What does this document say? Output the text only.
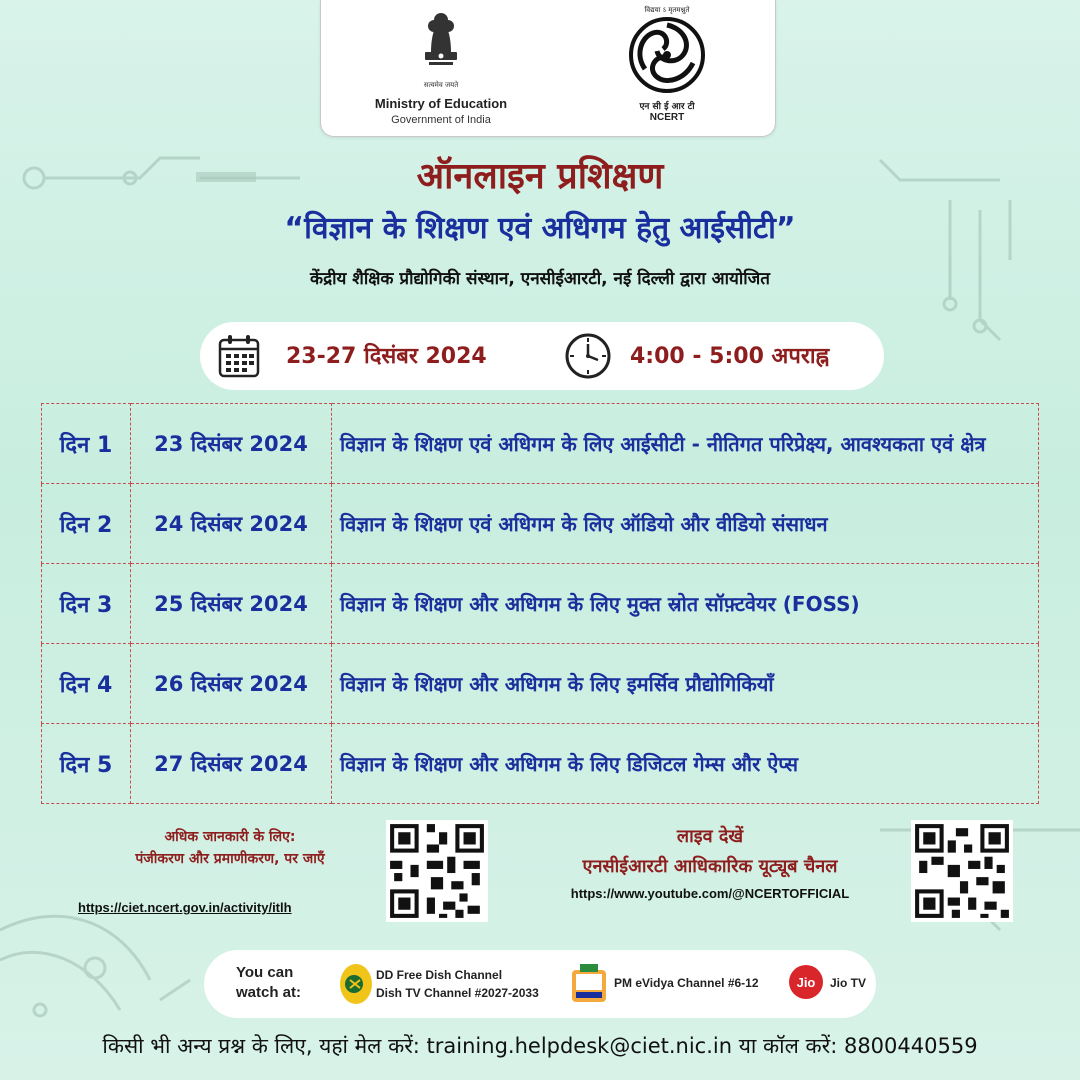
सत्यमेव जयते
Ministry of Education
Government of India
विद्यया ऽ मृतमश्नुते
एन सी ई आर टी
NCERT
ऑनलाइन प्रशिक्षण
“विज्ञान के शिक्षण एवं अधिगम हेतु आईसीटी”
केंद्रीय शैक्षिक प्रौद्योगिकी संस्थान, एनसीईआरटी, नई दिल्ली द्वारा आयोजित
23-27 दिसंबर 2024	4:00 - 5:00 अपराह्न
दिन 1	23 दिसंबर 2024	विज्ञान के शिक्षण एवं अधिगम के लिए आईसीटी - नीतिगत परिप्रेक्ष्य, आवश्यकता एवं क्षेत्र
दिन 2	24 दिसंबर 2024	विज्ञान के शिक्षण एवं अधिगम के लिए ऑडियो और वीडियो संसाधन
दिन 3	25 दिसंबर 2024	विज्ञान के शिक्षण और अधिगम के लिए मुक्त स्रोत सॉफ़्टवेयर (FOSS)
दिन 4	26 दिसंबर 2024	विज्ञान के शिक्षण और अधिगम के लिए इमर्सिव प्रौद्योगिकियाँ
दिन 5	27 दिसंबर 2024	विज्ञान के शिक्षण और अधिगम के लिए डिजिटल गेम्स और ऐप्स
अधिक जानकारी के लिए:
पंजीकरण और प्रमाणीकरण, पर जाएँ
https://ciet.ncert.gov.in/activity/itlh
लाइव देखें
एनसीईआरटी आधिकारिक यूट्यूब चैनल
https://www.youtube.com/@NCERTOFFICIAL
You can
watch at:
DD Free Dish Channel
Dish TV Channel #2027-2033
PM eVidya Channel #6-12	Jio Jio TV
किसी भी अन्य प्रश्न के लिए, यहां मेल करें: training.helpdesk@ciet.nic.in या कॉल करें: 8800440559
